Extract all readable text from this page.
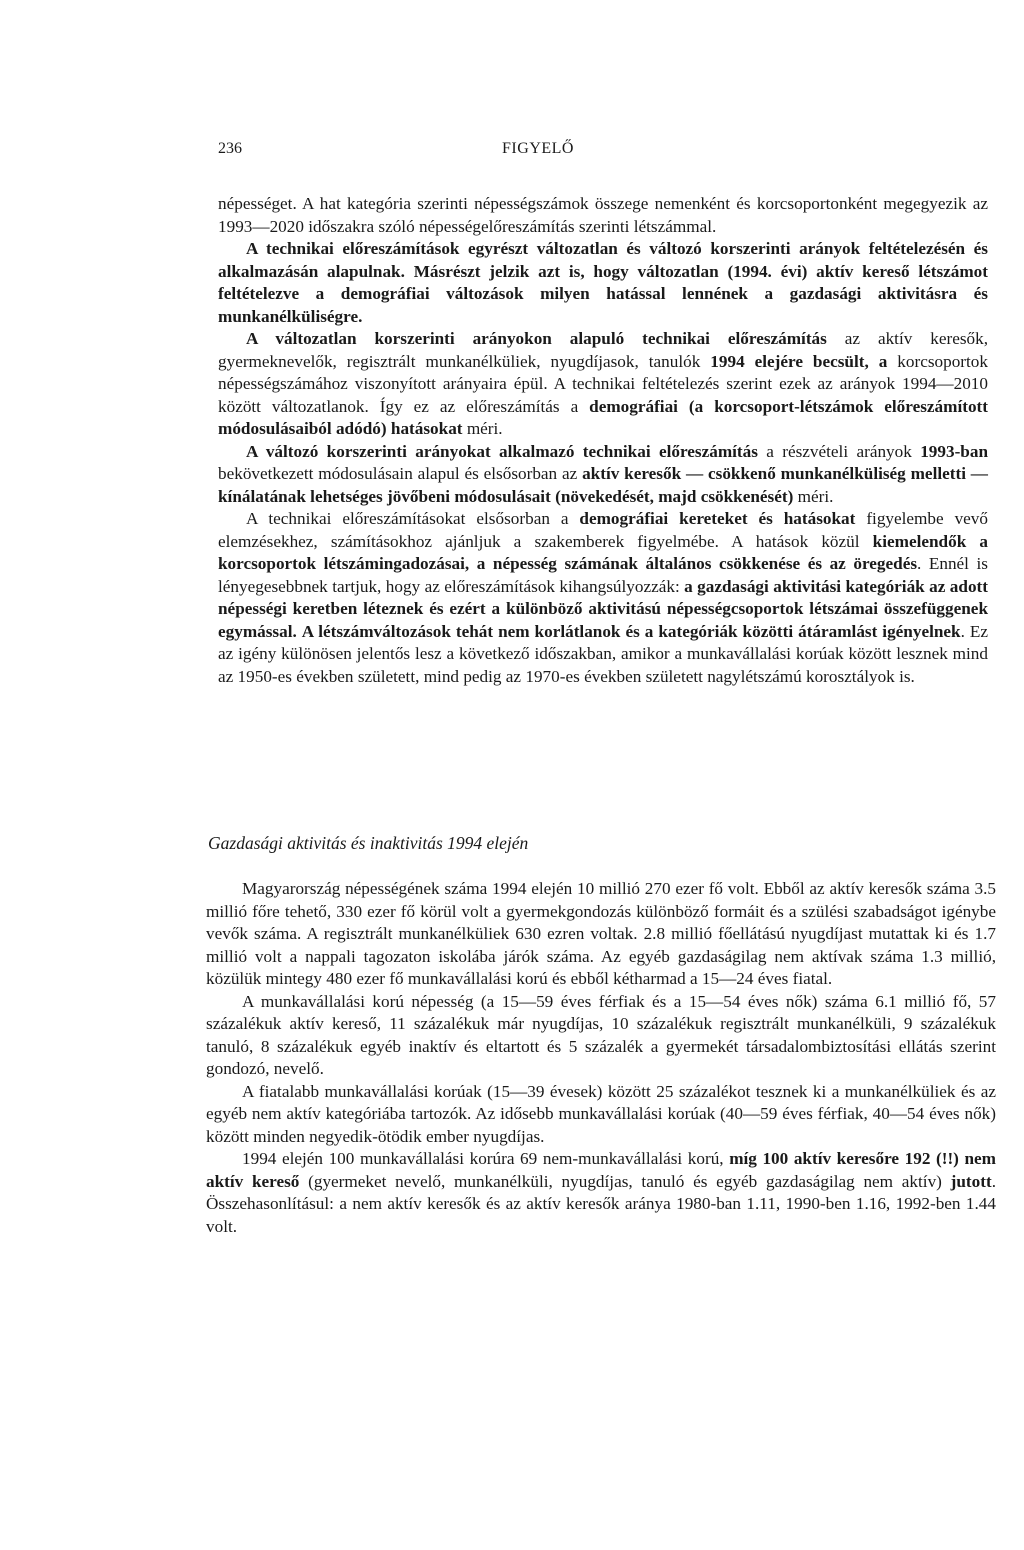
236	FIGYELŐ

népességet. A hat kategória szerinti népességszámok összege nemenként és korcsoportonként megegyezik az 1993—2020 időszakra szóló népességelőreszámítás szerinti létszámmal.

A technikai előreszámítások egyrészt változatlan és változó korszerinti arányok feltételezésén és alkalmazásán alapulnak. Másrészt jelzik azt is, hogy változatlan (1994. évi) aktív kereső létszámot feltételezve a demográfiai változások milyen hatással lennének a gazdasági aktivitásra és munkanélküliségre.

A változatlan korszerinti arányokon alapuló technikai előreszámítás az aktív keresők, gyermeknevelők, regisztrált munkanélküliek, nyugdíjasok, tanulók 1994 elejére becsült, a korcsoportok népességszámához viszonyított arányaira épül. A technikai feltételezés szerint ezek az arányok 1994—2010 között változatlanok. Így ez az előreszámítás a demográfiai (a korcsoport-létszámok előreszámított módosulásaiból adódó) hatásokat méri.

A változó korszerinti arányokat alkalmazó technikai előreszámítás a részvételi arányok 1993-ban bekövetkezett módosulásain alapul és elsősorban az aktív keresők — csökkenő munkanélküliség melletti — kínálatának lehetséges jövőbeni módosulásait (növekedését, majd csökkenését) méri.

A technikai előreszámításokat elsősorban a demográfiai kereteket és hatásokat figyelembe vevő elemzésekhez, számításokhoz ajánljuk a szakemberek figyelmébe. A hatások közül kiemelendők a korcsoportok létszámingadozásai, a népesség számának általános csökkenése és az öregedés. Ennél is lényegesebbnek tartjuk, hogy az előreszámítások kihangsúlyozzák: a gazdasági aktivitási kategóriák az adott népességi keretben léteznek és ezért a különböző aktivitású népességcsoportok létszámai összefüggenek egymással. A létszámváltozások tehát nem korlátlanok és a kategóriák közötti átáramlást igényelnek. Ez az igény különösen jelentős lesz a következő időszakban, amikor a munkavállalási korúak között lesznek mind az 1950-es években született, mind pedig az 1970-es években született nagylétszámú korosztályok is.

Gazdasági aktivitás és inaktivitás 1994 elején

Magyarország népességének száma 1994 elején 10 millió 270 ezer fő volt. Ebből az aktív keresők száma 3.5 millió főre tehető, 330 ezer fő körül volt a gyermekgondozás különböző formáit és a szülési szabadságot igénybe vevők száma. A regisztrált munkanélküliek 630 ezren voltak. 2.8 millió főellátású nyugdíjast mutattak ki és 1.7 millió volt a nappali tagozaton iskolába járók száma. Az egyéb gazdaságilag nem aktívak száma 1.3 millió, közülük mintegy 480 ezer fő munkavállalási korú és ebből kétharmad a 15—24 éves fiatal.

A munkavállalási korú népesség (a 15—59 éves férfiak és a 15—54 éves nők) száma 6.1 millió fő, 57 százalékuk aktív kereső, 11 százalékuk már nyugdíjas, 10 százalékuk regisztrált munkanélküli, 9 százalékuk tanuló, 8 százalékuk egyéb inaktív és eltartott és 5 százalék a gyermekét társadalombiztosítási ellátás szerint gondozó, nevelő.

A fiatalabb munkavállalási korúak (15—39 évesek) között 25 százalékot tesznek ki a munkanélküliek és az egyéb nem aktív kategóriába tartozók. Az idősebb munkavállalási korúak (40—59 éves férfiak, 40—54 éves nők) között minden negyedik-ötödik ember nyugdíjas.

1994 elején 100 munkavállalási korúra 69 nem-munkavállalási korú, míg 100 aktív keresőre 192 (!!) nem aktív kereső (gyermeket nevelő, munkanélküli, nyugdíjas, tanuló és egyéb gazdaságilag nem aktív) jutott. Összehasonlításul: a nem aktív keresők és az aktív keresők aránya 1980-ban 1.11, 1990-ben 1.16, 1992-ben 1.44 volt.
